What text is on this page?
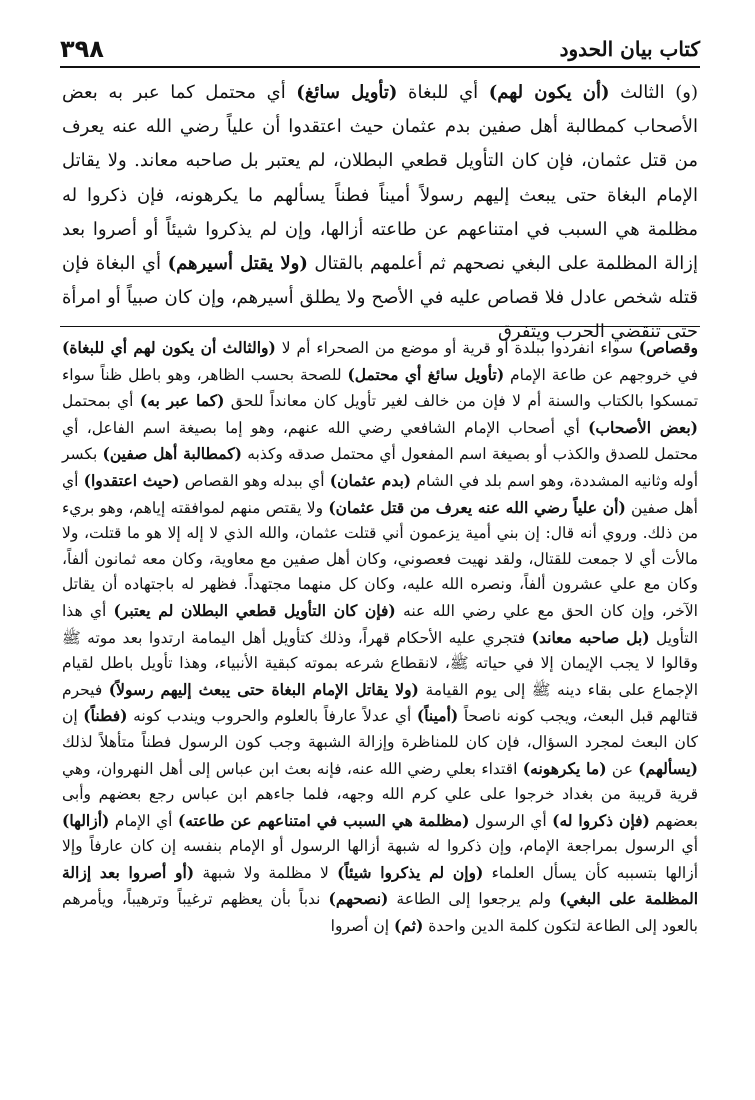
٣٩٨	كتاب بيان الحدود

(و) الثالث (أن يكون لهم) أي للبغاة (تأويل سائغ) أي محتمل كما عبر به بعض الأصحاب كمطالبة أهل صفين بدم عثمان حيث اعتقدوا أن علياً رضي الله عنه يعرف من قتل عثمان، فإن كان التأويل قطعي البطلان، لم يعتبر بل صاحبه معاند. ولا يقاتل الإمام البغاة حتى يبعث إليهم رسولاً أميناً فطناً يسألهم ما يكرهونه، فإن ذكروا له مظلمة هي السبب في امتناعهم عن طاعته أزالها، وإن لم يذكروا شيئاً أو أصروا بعد إزالة المظلمة على البغي نصحهم ثم أعلمهم بالقتال (ولا يقتل أسيرهم) أي البغاة فإن قتله شخص عادل فلا قصاص عليه في الأصح ولا يطلق أسيرهم، وإن كان صبياً أو امرأة حتى تنقضي الحرب ويتفرق

وقصاص) سواء انفردوا ببلدة أو قرية أو موضع من الصحراء أم لا (والثالث أن يكون لهم أي للبغاة) في خروجهم عن طاعة الإمام (تأويل سائغ أي محتمل) للصحة بحسب الظاهر، وهو باطل ظناً سواء تمسكوا بالكتاب والسنة أم لا فإن من خالف لغير تأويل كان معانداً للحق (كما عبر به) أي بمحتمل (بعض الأصحاب) أي أصحاب الإمام الشافعي رضي الله عنهم، وهو إما بصيغة اسم الفاعل، أي محتمل للصدق والكذب أو بصيغة اسم المفعول أي محتمل صدقه وكذبه (كمطالبة أهل صفين) بكسر أوله وثانيه المشددة، وهو اسم بلد في الشام (بدم عثمان) أي ببدله وهو القصاص (حيث اعتقدوا) أي أهل صفين (أن علياً رضي الله عنه يعرف من قتل عثمان) ولا يقتص منهم لموافقته إياهم، وهو بريء من ذلك. وروي أنه قال: إن بني أمية يزعمون أني قتلت عثمان، والله الذي لا إله إلا هو ما قتلت، ولا مالأت أي لا جمعت للقتال، ولقد نهيت فعصوني، وكان أهل صفين مع معاوية، وكان معه ثمانون ألفاً، وكان مع علي عشرون ألفاً، ونصره الله عليه، وكان كل منهما مجتهداً. فظهر له باجتهاده أن يقاتل الآخر، وإن كان الحق مع علي رضي الله عنه (فإن كان التأويل قطعي البطلان لم يعتبر) أي هذا التأويل (بل صاحبه معاند) فتجري عليه الأحكام قهراً، وذلك كتأويل أهل اليمامة ارتدوا بعد موته ﷺ وقالوا لا يجب الإيمان إلا في حياته ﷺ، لانقطاع شرعه بموته كبقية الأنبياء، وهذا تأويل باطل لقيام الإجماع على بقاء دينه ﷺ إلى يوم القيامة (ولا يقاتل الإمام البغاة حتى يبعث إليهم رسولاً) فيحرم قتالهم قبل البعث، ويجب كونه ناصحاً (أميناً) أي عدلاً عارفاً بالعلوم والحروب ويندب كونه (فطناً) إن كان البعث لمجرد السؤال، فإن كان للمناظرة وإزالة الشبهة وجب كون الرسول فطناً متأهلاً لذلك (يسألهم) عن (ما يكرهونه) اقتداء بعلي رضي الله عنه، فإنه بعث ابن عباس إلى أهل النهروان، وهي قرية قريبة من بغداد خرجوا على علي كرم الله وجهه، فلما جاءهم ابن عباس رجع بعضهم وأبى بعضهم (فإن ذكروا له) أي الرسول (مظلمة هي السبب في امتناعهم عن طاعته) أي الإمام (أزالها) أي الرسول بمراجعة الإمام، وإن ذكروا له شبهة أزالها الرسول أو الإمام بنفسه إن كان عارفاً وإلا أزالها بتسببه كأن يسأل العلماء (وإن لم يذكروا شيئاً) لا مظلمة ولا شبهة (أو أصروا بعد إزالة المظلمة على البغي) ولم يرجعوا إلى الطاعة (نصحهم) ندباً بأن يعظهم ترغيباً وترهيباً، ويأمرهم بالعود إلى الطاعة لتكون كلمة الدين واحدة (ثم) إن أصروا
